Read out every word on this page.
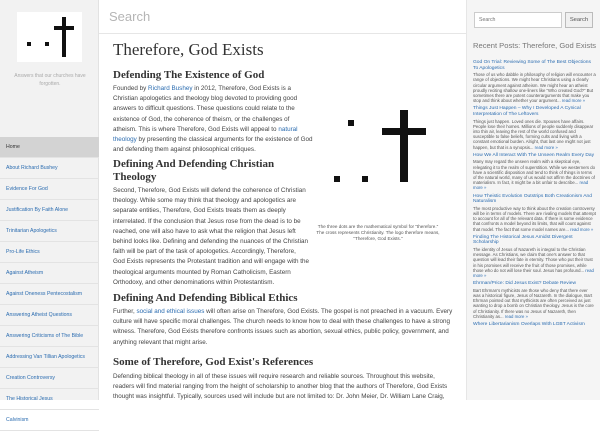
Answers that our churches have forgotten.
Home
About Richard Bushey
Evidence For God
Justification By Faith Alone
Trinitarian Apologetics
Pro-Life Ethics
Against Atheism
Against Oneness Pentecostalism
Answering Atheist Questions
Answering Criticisms of The Bible
Addressing Van Tillian Apologetics
Creation Controversy
The Historical Jesus
Calvinism
Search
Therefore, God Exists
Defending The Existence of God

Founded by Richard Bushey in 2012, Therefore, God Exists is a Christian apologetics and theology blog devoted to providing good answers to difficult questions. These questions could relate to the existence of God, the coherence of theism, or the challenges of atheism. This is where Therefore, God Exists will appeal to natural theology by presenting the classical arguments for the existence of God and defending them against philosophical critiques.

Defining And Defending Christian Theology

Second, Therefore, God Exists will defend the coherence of Christian theology. While some may think that theology and apologetics are separate entities, Therefore, God Exists treats them as deeply interrelated. If the conclusion that Jesus rose from the dead is to be reached, one will also have to ask what the religion that Jesus left behind looks like. Defining and defending the nuances of the Christian faith will be part of the task of apologetics. Accordingly, Therefore, God Exists represents the Protestant tradition and will engage with the theological arguments mounted by Roman Catholicism, Eastern Orthodoxy, and other denominations within Protestantism.

The three dots are the mathematical symbol for "therefore." The cross represents Christianity. The logo therefore means, "Therefore, God Exists."
Defining And Defending Biblical Ethics

Further, social and ethical issues will often arise on Therefore, God Exists. The gospel is not preached in a vacuum. Every culture will have specific moral challenges. The church needs to know how to deal with these challenges to have a strong witness. Therefore, God Exists therefore confronts issues such as abortion, sexual ethics, public policy, government, and anything relevant that might arise.

Some of Therefore, God Exist's References

Defending biblical theology in all of these issues will require research and reliable sources. Throughout this website, readers will find material ranging from the height of scholarship to another blog that the authors of Therefore, God Exists thought was insightful. Typically, sources used will include but are not limited to: Dr. John Meier, Dr. William Lane Craig,

Search
Search
Recent Posts: Therefore, God Exists
God On Trial: Reviewing Some of The Best Objections To Apologetics
Those of us who dabble in philosophy of religion will encounter a range of objections. We might hear Christians using a clearly circular argument against atheism. We might hear an atheist proudly reciting shallow one-liners like “Who created God?” But sometimes there are potent counterarguments that make you stop and think about whether your argument... read more »
Things Just Happen – Why I Developed A Cynical Interpretation of The Leftovers
Things just happen. Loved ones die. Spouses have affairs. People lose their homes. Millions of people suddenly disappear into thin air, leaving the rest of the world confused and susceptible to false beliefs, forming cults and living with a constant emotional burden. Alright, that last one might not just happen, but that is a synopsis... read more »
How We All Interact With The Unseen Realm Every Day
Many may regard the unseen realm with a skeptical eye, relegating it to the realm of superstition. While we westerners do have a scientific disposition and tend to think of things in terms of the natural world, many of us would not affirm the doctrines of materialism. In fact, it might be a bit unfair to describe... read more »
How Theistic Evolution Outstrips Both Creationism And Naturalism
The most productive way to think about the creation controversy will be in terms of models. There are rivaling models that attempt to account for all of the relevant data. If there is some evidence that confronts a model beyond its limits, that will count against that model. The fact that some model names are... read more »
Finding The Historical Jesus Amidst Divergent Scholarship
The identity of Jesus of Nazareth is integral to the Christian message. As Christians, we claim that one's answer to that question will lead their fate in eternity. Those who put their trust in his promises will receive the fruit of those promises, while those who do not will lose their soul. Jesus has profound... read more »
Ehrman/Price: Did Jesus Exist? Debate Review
Bart Ehrman's mythicists are those who deny that there ever was a historical figure, Jesus of Nazareth. In the dialogue, Bart Ehrman pointed out that mythicists are often perceived as just wanting to drop a bomb on Christian theology. Jesus is the core of Christianity. If there was no Jesus of Nazareth, then Christianity as... read more »
Where Libertarianism Overlaps With LGBT Activism
